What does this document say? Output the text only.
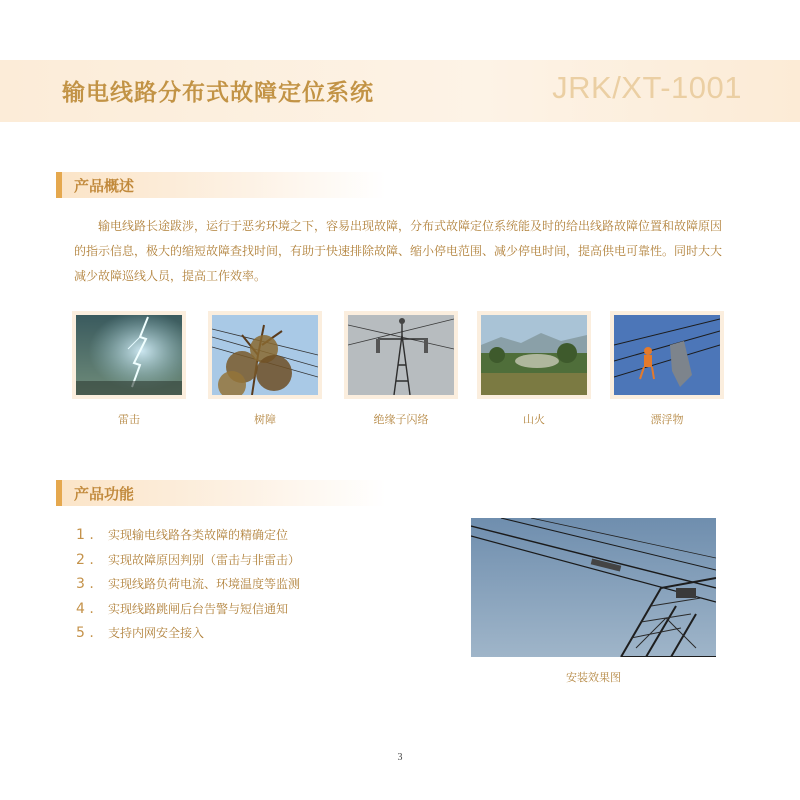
输电线路分布式故障定位系统	JRK/XT-1001
产品概述

输电线路长途跋涉，运行于恶劣环境之下，容易出现故障，分布式故障定位系统能及时的给出线路故障位置和故障原因的指示信息，极大的缩短故障查找时间，有助于快速排除故障、缩小停电范围、减少停电时间，提高供电可靠性。同时大大减少故障巡线人员，提高工作效率。

雷击	树障	绝缘子闪络	山火	漂浮物
产品功能
1 . 实现输电线路各类故障的精确定位
2 . 实现故障原因判别（雷击与非雷击）
3 . 实现线路负荷电流、环境温度等监测
4 . 实现线路跳闸后台告警与短信通知
5 . 支持内网安全接入
安装效果图
3
